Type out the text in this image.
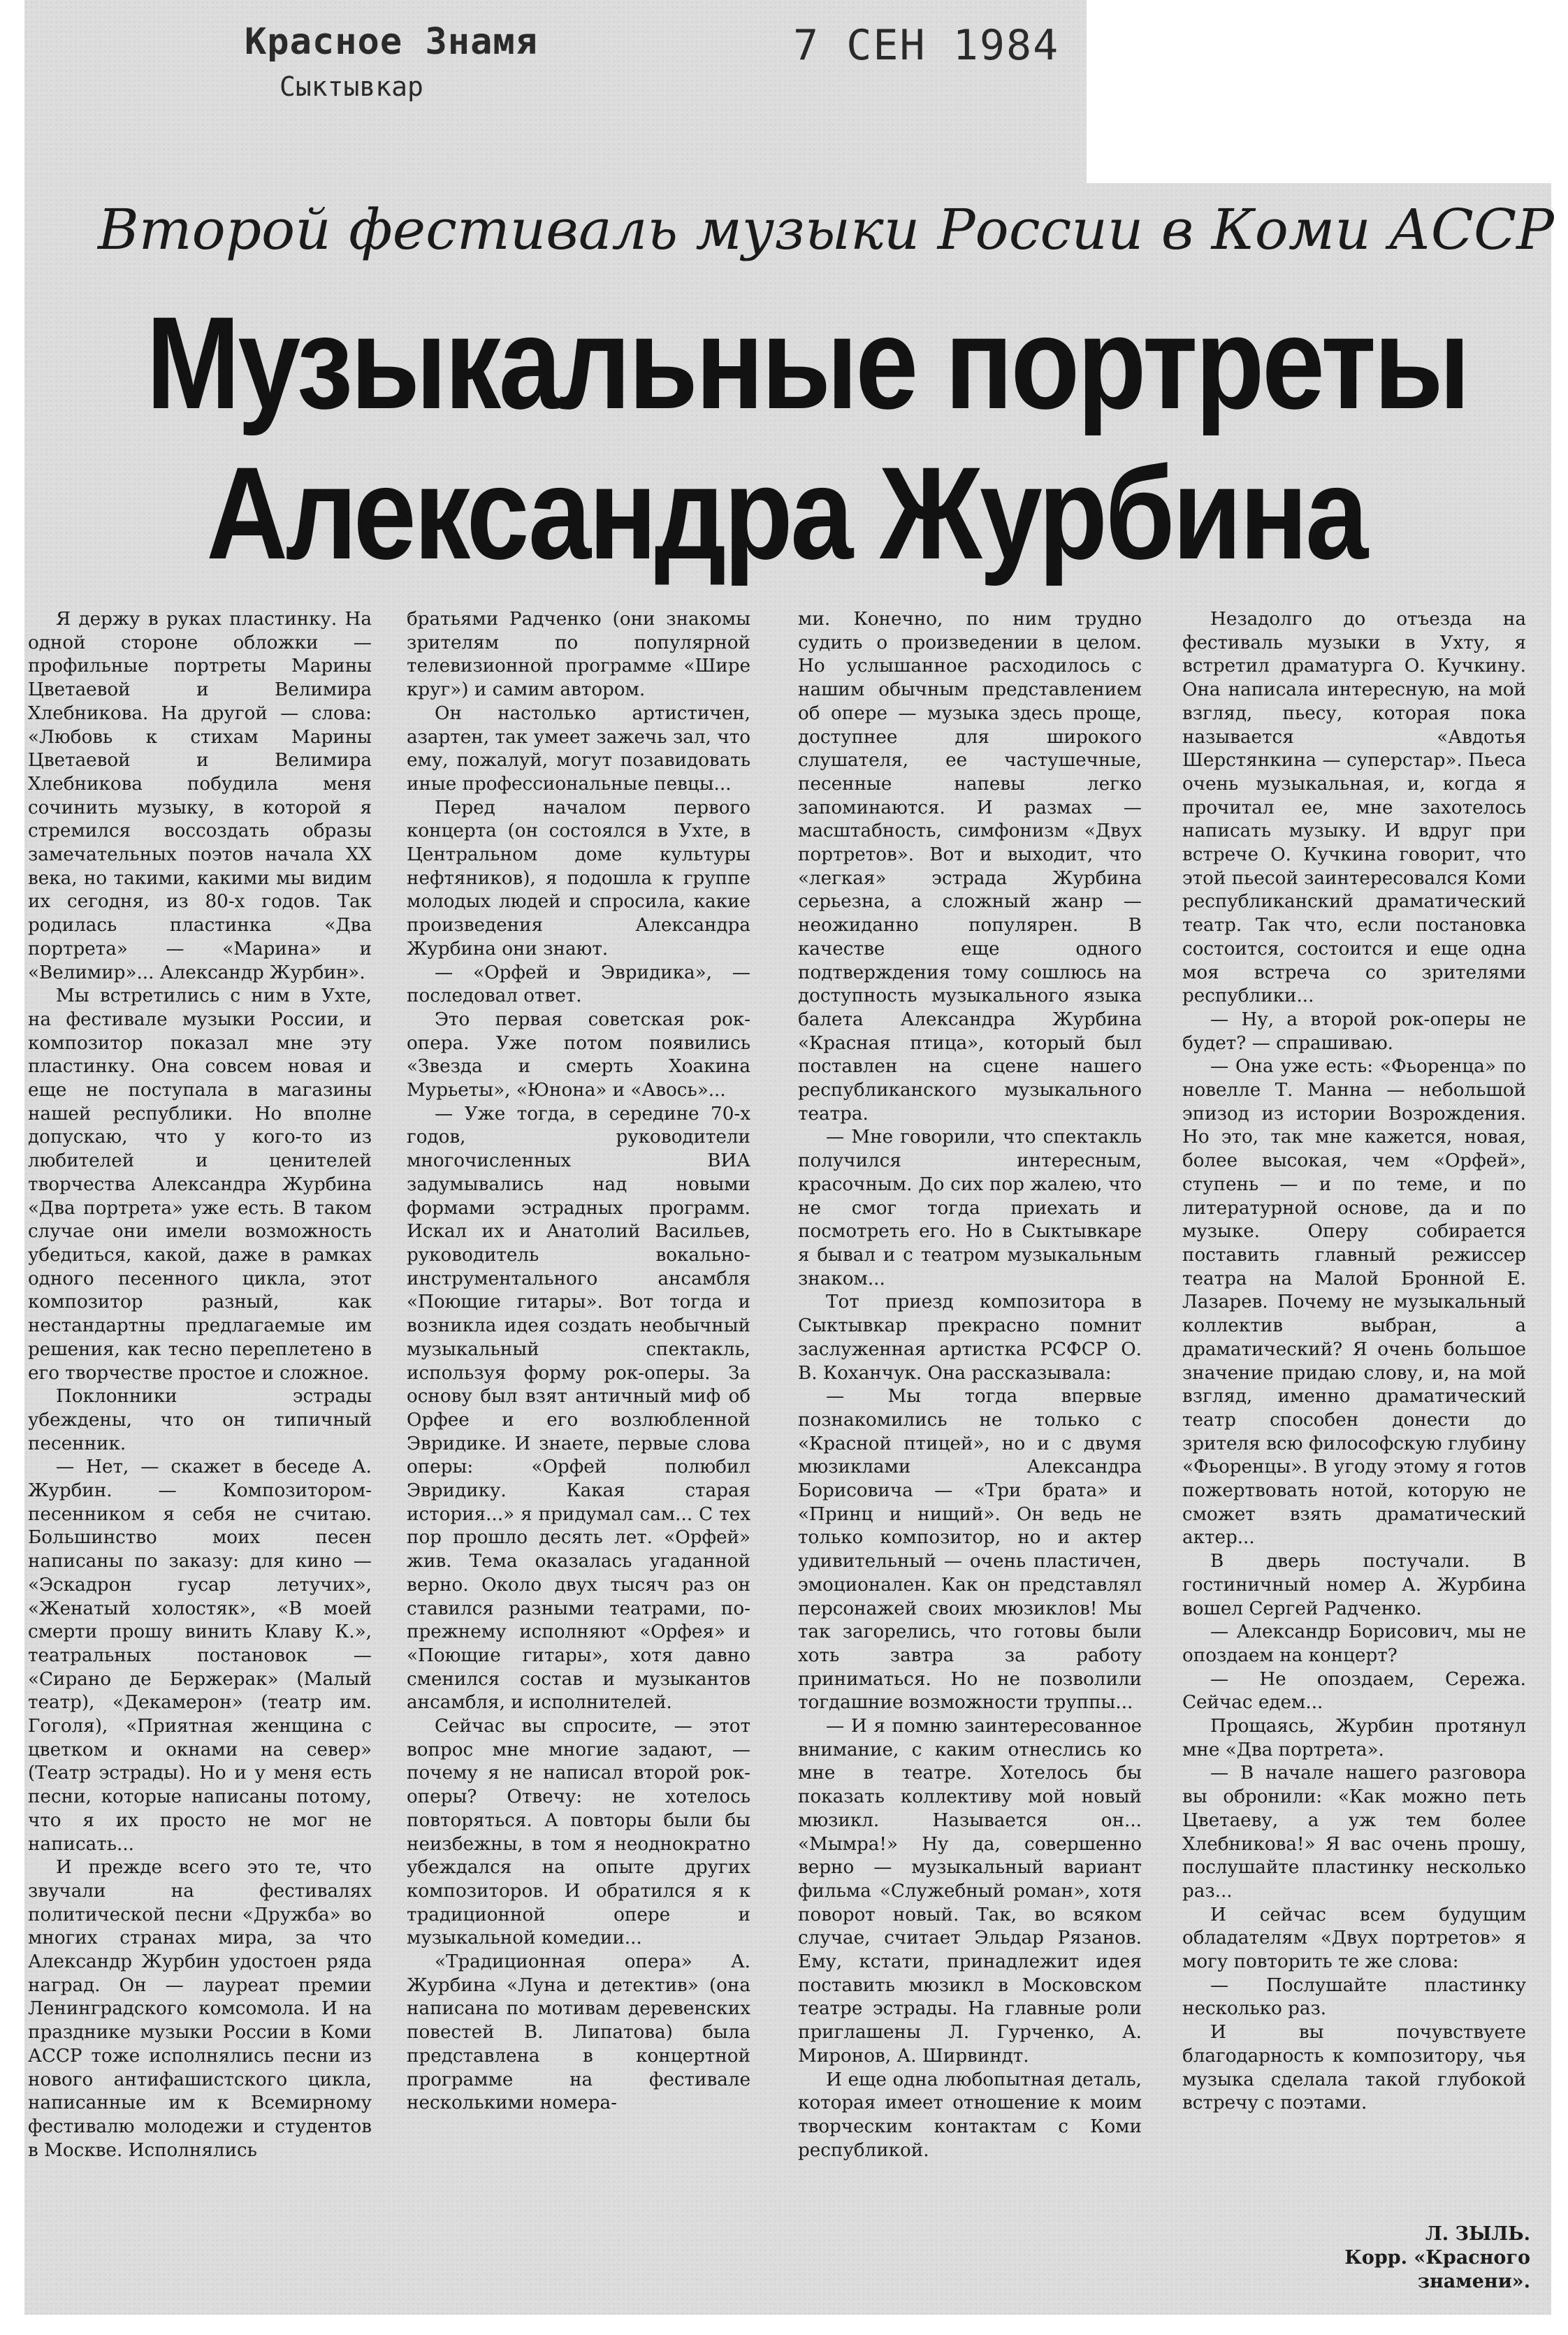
Красное Знамя
Сыктывкар
7 СЕН 1984
Второй фестиваль музыки России в Коми АССР
Музыкальные портреты
Александра Журбина

Я держу в руках пластинку. На одной стороне обложки — профильные портреты Марины Цветаевой и Велимира Хлебникова. На другой — слова: «Любовь к стихам Марины Цветаевой и Велимира Хлебникова побудила меня сочинить музыку, в которой я стремился воссоздать образы замечательных поэтов начала XX века, но такими, какими мы видим их сегодня, из 80-х годов. Так родилась пластинка «Два портрета» — «Марина» и «Велимир»... Александр Журбин».

Мы встретились с ним в Ухте, на фестивале музыки России, и композитор показал мне эту пластинку. Она совсем новая и еще не поступала в магазины нашей республики. Но вполне допускаю, что у кого-то из любителей и ценителей творчества Александра Журбина «Два портрета» уже есть. В таком случае они имели возможность убедиться, какой, даже в рамках одного песенного цикла, этот композитор разный, как нестандартны предлагаемые им решения, как тесно переплетено в его творчестве простое и сложное.

Поклонники эстрады убеждены, что он типичный песенник.

— Нет, — скажет в беседе А. Журбин. — Композитором-песенником я себя не считаю. Большинство моих песен написаны по заказу: для кино — «Эскадрон гусар летучих», «Женатый холостяк», «В моей смерти прошу винить Клаву К.», театральных постановок — «Сирано де Бержерак» (Малый театр), «Декамерон» (театр им. Гоголя), «Приятная женщина с цветком и окнами на север» (Театр эстрады). Но и у меня есть песни, которые написаны потому, что я их просто не мог не написать...

И прежде всего это те, что звучали на фестивалях политической песни «Дружба» во многих странах мира, за что Александр Журбин удостоен ряда наград. Он — лауреат премии Ленинградского комсомола. И на празднике музыки России в Коми АССР тоже исполнялись песни из нового антифашистского цикла, написанные им к Всемирному фестивалю молодежи и студентов в Москве. Исполнялись

братьями Радченко (они знакомы зрителям по популярной телевизионной программе «Шире круг») и самим автором.

Он настолько артистичен, азартен, так умеет зажечь зал, что ему, пожалуй, могут позавидовать иные профессиональные певцы...

Перед началом первого концерта (он состоялся в Ухте, в Центральном доме культуры нефтяников), я подошла к группе молодых людей и спросила, какие произведения Александра Журбина они знают.

— «Орфей и Эвридика», — последовал ответ.

Это первая советская рок-опера. Уже потом появились «Звезда и смерть Хоакина Мурьеты», «Юнона» и «Авось»...

— Уже тогда, в середине 70-х годов, руководители многочисленных ВИА задумывались над новыми формами эстрадных программ. Искал их и Анатолий Васильев, руководитель вокально-инструментального ансамбля «Поющие гитары». Вот тогда и возникла идея создать необычный музыкальный спектакль, используя форму рок-оперы. За основу был взят античный миф об Орфее и его возлюбленной Эвридике. И знаете, первые слова оперы: «Орфей полюбил Эвридику. Какая старая история...» я придумал сам... С тех пор прошло десять лет. «Орфей» жив. Тема оказалась угаданной верно. Около двух тысяч раз он ставился разными театрами, по-прежнему исполняют «Орфея» и «Поющие гитары», хотя давно сменился состав и музыкантов ансамбля, и исполнителей.

Сейчас вы спросите, — этот вопрос мне многие задают, — почему я не написал второй рок-оперы? Отвечу: не хотелось повторяться. А повторы были бы неизбежны, в том я неоднократно убеждался на опыте других композиторов. И обратился я к традиционной опере и музыкальной комедии...

«Традиционная опера» А. Журбина «Луна и детектив» (она написана по мотивам деревенских повестей В. Липатова) была представлена в концертной программе на фестивале несколькими номера-

ми. Конечно, по ним трудно судить о произведении в целом. Но услышанное расходилось с нашим обычным представлением об опере — музыка здесь проще, доступнее для широкого слушателя, ее частушечные, песенные напевы легко запоминаются. И размах — масштабность, симфонизм «Двух портретов». Вот и выходит, что «легкая» эстрада Журбина серьезна, а сложный жанр — неожиданно популярен. В качестве еще одного подтверждения тому сошлюсь на доступность музыкального языка балета Александра Журбина «Красная птица», который был поставлен на сцене нашего республиканского музыкального театра.

— Мне говорили, что спектакль получился интересным, красочным. До сих пор жалею, что не смог тогда приехать и посмотреть его. Но в Сыктывкаре я бывал и с театром музыкальным знаком...

Тот приезд композитора в Сыктывкар прекрасно помнит заслуженная артистка РСФСР О. В. Коханчук. Она рассказывала:

— Мы тогда впервые познакомились не только с «Красной птицей», но и с двумя мюзиклами Александра Борисовича — «Три брата» и «Принц и нищий». Он ведь не только композитор, но и актер удивительный — очень пластичен, эмоционален. Как он представлял персонажей своих мюзиклов! Мы так загорелись, что готовы были хоть завтра за работу приниматься. Но не позволили тогдашние возможности труппы...

— И я помню заинтересованное внимание, с каким отнеслись ко мне в театре. Хотелось бы показать коллективу мой новый мюзикл. Называется он... «Мымра!» Ну да, совершенно верно — музыкальный вариант фильма «Служебный роман», хотя поворот новый. Так, во всяком случае, считает Эльдар Рязанов. Ему, кстати, принадлежит идея поставить мюзикл в Московском театре эстрады. На главные роли приглашены Л. Гурченко, А. Миронов, А. Ширвиндт.

И еще одна любопытная деталь, которая имеет отношение к моим творческим контактам с Коми республикой.

Незадолго до отъезда на фестиваль музыки в Ухту, я встретил драматурга О. Кучкину. Она написала интересную, на мой взгляд, пьесу, которая пока называется «Авдотья Шерстянкина — суперстар». Пьеса очень музыкальная, и, когда я прочитал ее, мне захотелось написать музыку. И вдруг при встрече О. Кучкина говорит, что этой пьесой заинтересовался Коми республиканский драматический театр. Так что, если постановка состоится, состоится и еще одна моя встреча со зрителями республики...

— Ну, а второй рок-оперы не будет? — спрашиваю.

— Она уже есть: «Фьоренца» по новелле Т. Манна — небольшой эпизод из истории Возрождения. Но это, так мне кажется, новая, более высокая, чем «Орфей», ступень — и по теме, и по литературной основе, да и по музыке. Оперу собирается поставить главный режиссер театра на Малой Бронной Е. Лазарев. Почему не музыкальный коллектив выбран, а драматический? Я очень большое значение придаю слову, и, на мой взгляд, именно драматический театр способен донести до зрителя всю философскую глубину «Фьоренцы». В угоду этому я готов пожертвовать нотой, которую не сможет взять драматический актер...

В дверь постучали. В гостиничный номер А. Журбина вошел Сергей Радченко.

— Александр Борисович, мы не опоздаем на концерт?

— Не опоздаем, Сережа. Сейчас едем...

Прощаясь, Журбин протянул мне «Два портрета».

— В начале нашего разговора вы обронили: «Как можно петь Цветаеву, а уж тем более Хлебникова!» Я вас очень прошу, послушайте пластинку несколько раз...

И сейчас всем будущим обладателям «Двух портретов» я могу повторить те же слова:

— Послушайте пластинку несколько раз.

И вы почувствуете благодарность к композитору, чья музыка сделала такой глубокой встречу с поэтами.

Л. ЗЫЛЬ.
Корр. «Красного
знамени».
